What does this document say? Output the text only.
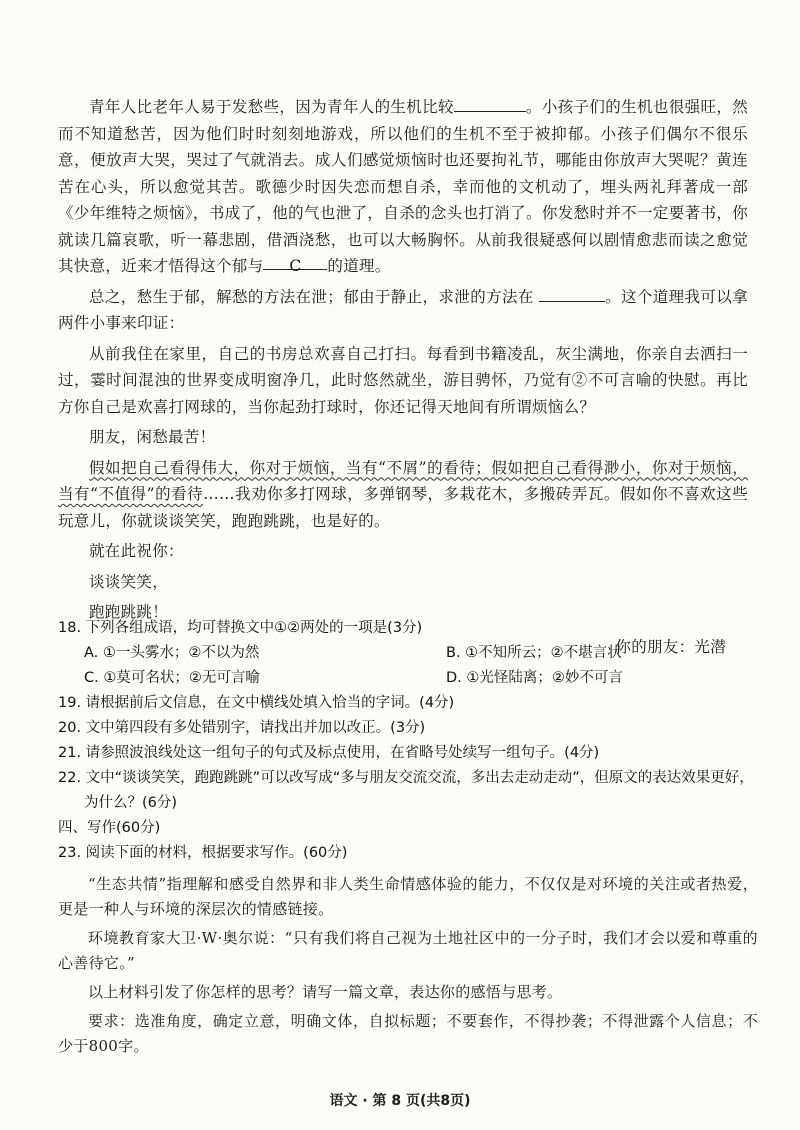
青年人比老年人易于发愁些，因为青年人的生机比较	。小孩子们的生机也很强旺，然而不知道愁苦，因为他们时时刻刻地游戏，所以他们的生机不至于被抑郁。小孩子们偶尔不很乐意，便放声大哭，哭过了气就消去。成人们感觉烦恼时也还要拘礼节，哪能由你放声大哭呢？黄连苦在心头，所以愈觉其苦。歌德少时因失恋而想自杀，幸而他的文机动了，埋头两礼拜著成一部《少年维特之烦恼》，书成了，他的气也泄了，自杀的念头也打消了。你发愁时并不一定要著书，你就读几篇哀歌，听一幕悲剧，借酒浇愁，也可以大畅胸怀。从前我很疑惑何以剧情愈悲而读之愈觉其快意，近来才悟得这个郁与 C 的道理。

总之，愁生于郁，解愁的方法在泄；郁由于静止，求泄的方法在	。这个道理我可以拿两件小事来印证：

从前我住在家里，自己的书房总欢喜自己打扫。每看到书籍凌乱，灰尘满地，你亲自去洒扫一过，霎时间混浊的世界变成明窗净几，此时悠然就坐，游目骋怀，乃觉有②不可言喻的快慰。再比方你自己是欢喜打网球的，当你起劲打球时，你还记得天地间有所谓烦恼么？

朋友，闲愁最苦！

假如把自己看得伟大，你对于烦恼，当有“不屑”的看待；假如把自己看得渺小，你对于烦恼，当有“不值得”的看待……我劝你多打网球，多弹钢琴，多栽花木，多搬砖弄瓦。假如你不喜欢这些玩意儿，你就谈谈笑笑，跑跑跳跳，也是好的。

就在此祝你：

谈谈笑笑，

跑跑跳跳！

你的朋友：光潜

18. 下列各组成语，均可替换文中①②两处的一项是(3分)

A. ①一头雾水；②不以为然	B. ①不知所云；②不堪言状
C. ①莫可名状；②无可言喻	D. ①光怪陆离；②妙不可言

19. 请根据前后文信息，在文中横线处填入恰当的字词。(4分)

20. 文中第四段有多处错别字，请找出并加以改正。(3分)

21. 请参照波浪线处这一组句子的句式及标点使用，在省略号处续写一组句子。(4分)

22. 文中“谈谈笑笑，跑跑跳跳”可以改写成“多与朋友交流交流，多出去走动走动”，但原文的表达效果更好，为什么？(6分)

四、写作(60分)

23. 阅读下面的材料，根据要求写作。(60分)

“生态共情”指理解和感受自然界和非人类生命情感体验的能力，不仅仅是对环境的关注或者热爱，更是一种人与环境的深层次的情感链接。

环境教育家大卫·W·奥尔说：“只有我们将自己视为土地社区中的一分子时，我们才会以爱和尊重的心善待它。”

以上材料引发了你怎样的思考？请写一篇文章，表达你的感悟与思考。

要求：选准角度，确定立意，明确文体，自拟标题；不要套作，不得抄袭；不得泄露个人信息；不少于800字。

语文 · 第 8 页(共8页)
